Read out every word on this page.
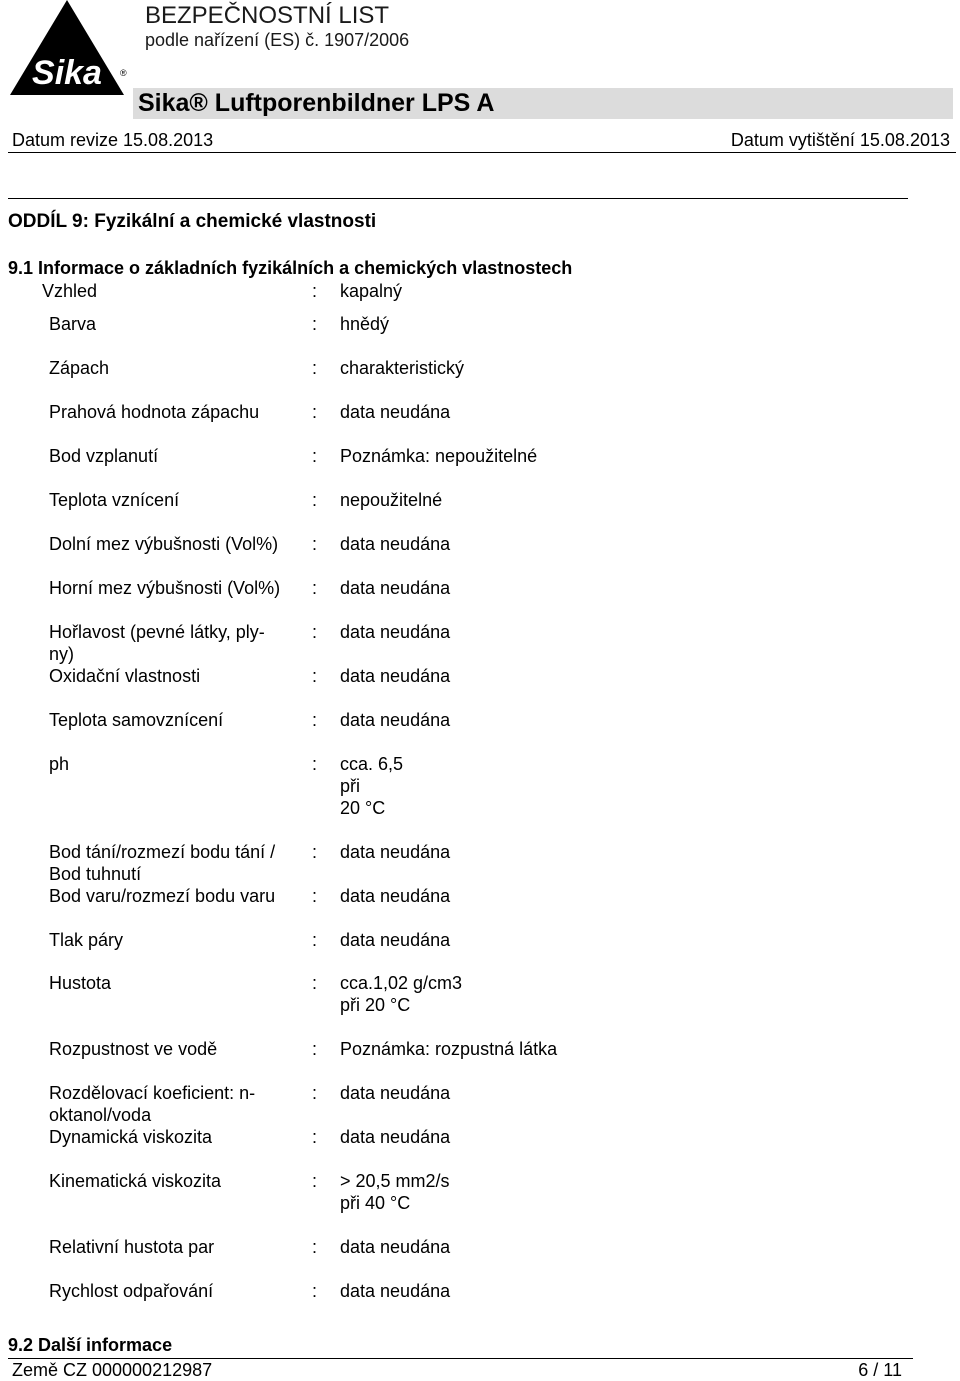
Sika ®
BEZPEČNOSTNÍ LIST
podle nařízení (ES) č. 1907/2006
Sika® Luftporenbildner LPS A
Datum revize 15.08.2013	Datum vytištění 15.08.2013
ODDÍL 9: Fyzikální a chemické vlastnosti
9.1 Informace o základních fyzikálních a chemických vlastnostech
Vzhled	: kapalný
Barva	: hnědý
Zápach	: charakteristický
Prahová hodnota zápachu	: data neudána
Bod vzplanutí	: Poznámka: nepoužitelné
Teplota vznícení	: nepoužitelné
Dolní mez výbušnosti (Vol%)	: data neudána
Horní mez výbušnosti (Vol%)	: data neudána
Hořlavost (pevné látky, ply-
ny)
: data neudána
Oxidační vlastnosti	: data neudána
Teplota samovznícení	: data neudána
ph	: cca. 6,5
při
20 °C
Bod tání/rozmezí bodu tání /
Bod tuhnutí
: data neudána
Bod varu/rozmezí bodu varu	: data neudána
Tlak páry	: data neudána
Hustota	: cca.1,02 g/cm3
při 20 °C
Rozpustnost ve vodě	: Poznámka: rozpustná látka
Rozdělovací koeficient: n-
oktanol/voda
: data neudána
Dynamická viskozita	: data neudána
Kinematická viskozita	: > 20,5 mm2/s
při 40 °C
Relativní hustota par	: data neudána
Rychlost odpařování	: data neudána
9.2 Další informace
Země CZ 000000212987	6 / 11
